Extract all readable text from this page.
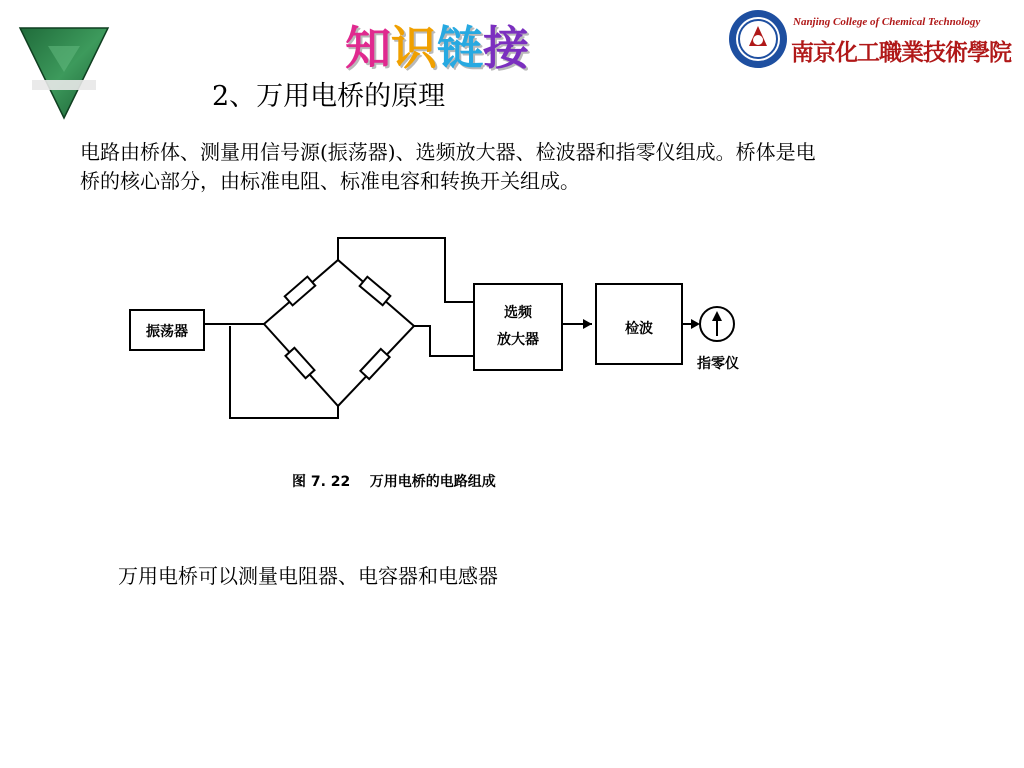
知识链接	Nanjing College of Chemical Technology
南京化工職業技術學院
2、万用电桥的原理
电路由桥体、测量用信号源(振荡器)、选频放大器、检波器和指零仪组成。桥体是电桥的核心部分，由标准电阻、标准电容和转换开关组成。
振荡器
选频
放大器
检波
指零仪
图 7. 22    万用电桥的电路组成
万用电桥可以测量电阻器、电容器和电感器
